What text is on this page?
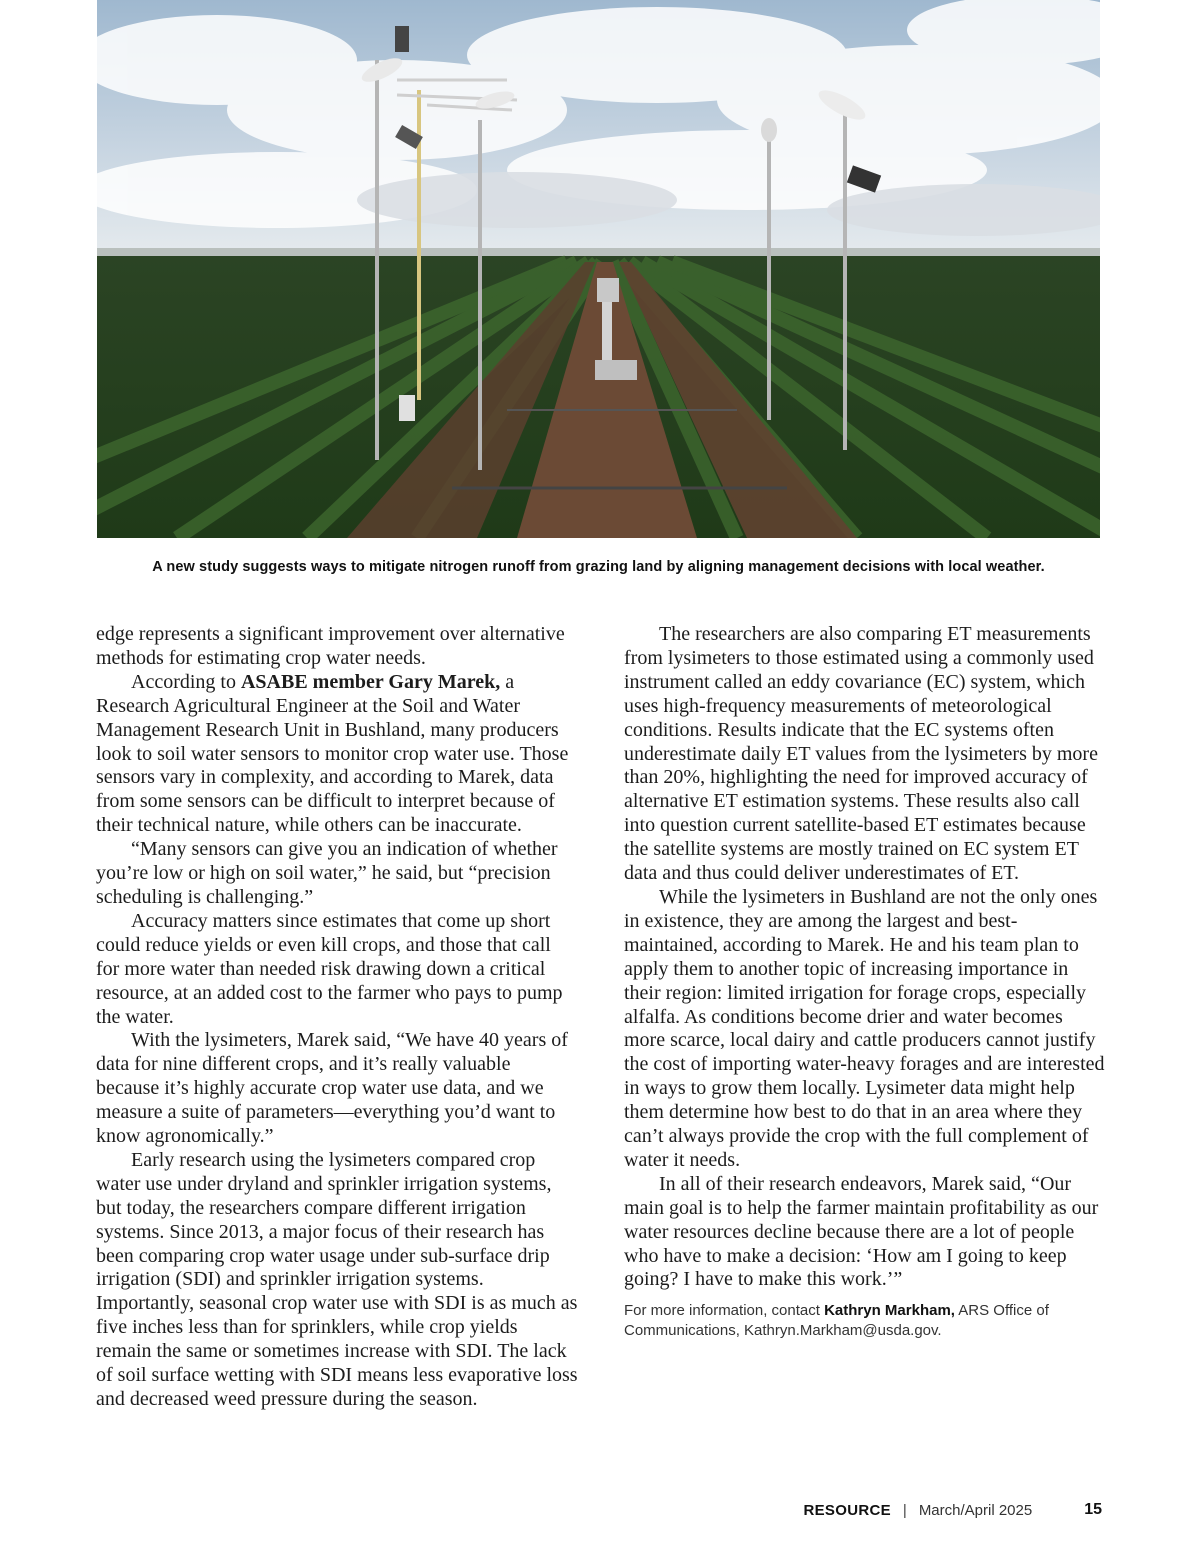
A new study suggests ways to mitigate nitrogen runoff from grazing land by aligning management decisions with local weather.

edge represents a significant improvement over alternative methods for estimating crop water needs.

According to ASABE member Gary Marek, a Research Agricultural Engineer at the Soil and Water Management Research Unit in Bushland, many producers look to soil water sensors to monitor crop water use. Those sensors vary in complexity, and according to Marek, data from some sensors can be difficult to interpret because of their technical nature, while others can be inaccurate.

“Many sensors can give you an indication of whether you’re low or high on soil water,” he said, but “precision scheduling is challenging.”

Accuracy matters since estimates that come up short could reduce yields or even kill crops, and those that call for more water than needed risk drawing down a critical resource, at an added cost to the farmer who pays to pump the water.

With the lysimeters, Marek said, “We have 40 years of data for nine different crops, and it’s really valuable because it’s highly accurate crop water use data, and we measure a suite of parameters—everything you’d want to know agronomically.”

Early research using the lysimeters compared crop water use under dryland and sprinkler irrigation systems, but today, the researchers compare different irrigation systems. Since 2013, a major focus of their research has been comparing crop water usage under sub-surface drip irrigation (SDI) and sprinkler irrigation systems. Importantly, seasonal crop water use with SDI is as much as five inches less than for sprinklers, while crop yields remain the same or sometimes increase with SDI. The lack of soil surface wetting with SDI means less evaporative loss and decreased weed pressure during the season.

The researchers are also comparing ET measurements from lysimeters to those estimated using a commonly used instrument called an eddy covariance (EC) system, which uses high-frequency measurements of meteorological conditions. Results indicate that the EC systems often underestimate daily ET values from the lysimeters by more than 20%, highlighting the need for improved accuracy of alternative ET estimation systems. These results also call into question current satellite-based ET estimates because the satellite systems are mostly trained on EC system ET data and thus could deliver underestimates of ET.

While the lysimeters in Bushland are not the only ones in existence, they are among the largest and best-maintained, according to Marek. He and his team plan to apply them to another topic of increasing importance in their region: limited irrigation for forage crops, especially alfalfa. As conditions become drier and water becomes more scarce, local dairy and cattle producers cannot justify the cost of importing water-heavy forages and are interested in ways to grow them locally. Lysimeter data might help them determine how best to do that in an area where they can’t always provide the crop with the full complement of water it needs.

In all of their research endeavors, Marek said, “Our main goal is to help the farmer maintain profitability as our water resources decline because there are a lot of people who have to make a decision: ‘How am I going to keep going? I have to make this work.’”

For more information, contact Kathryn Markham, ARS Office of Communications, Kathryn.Markham@usda.gov.

RESOURCE | March/April 2025	15
